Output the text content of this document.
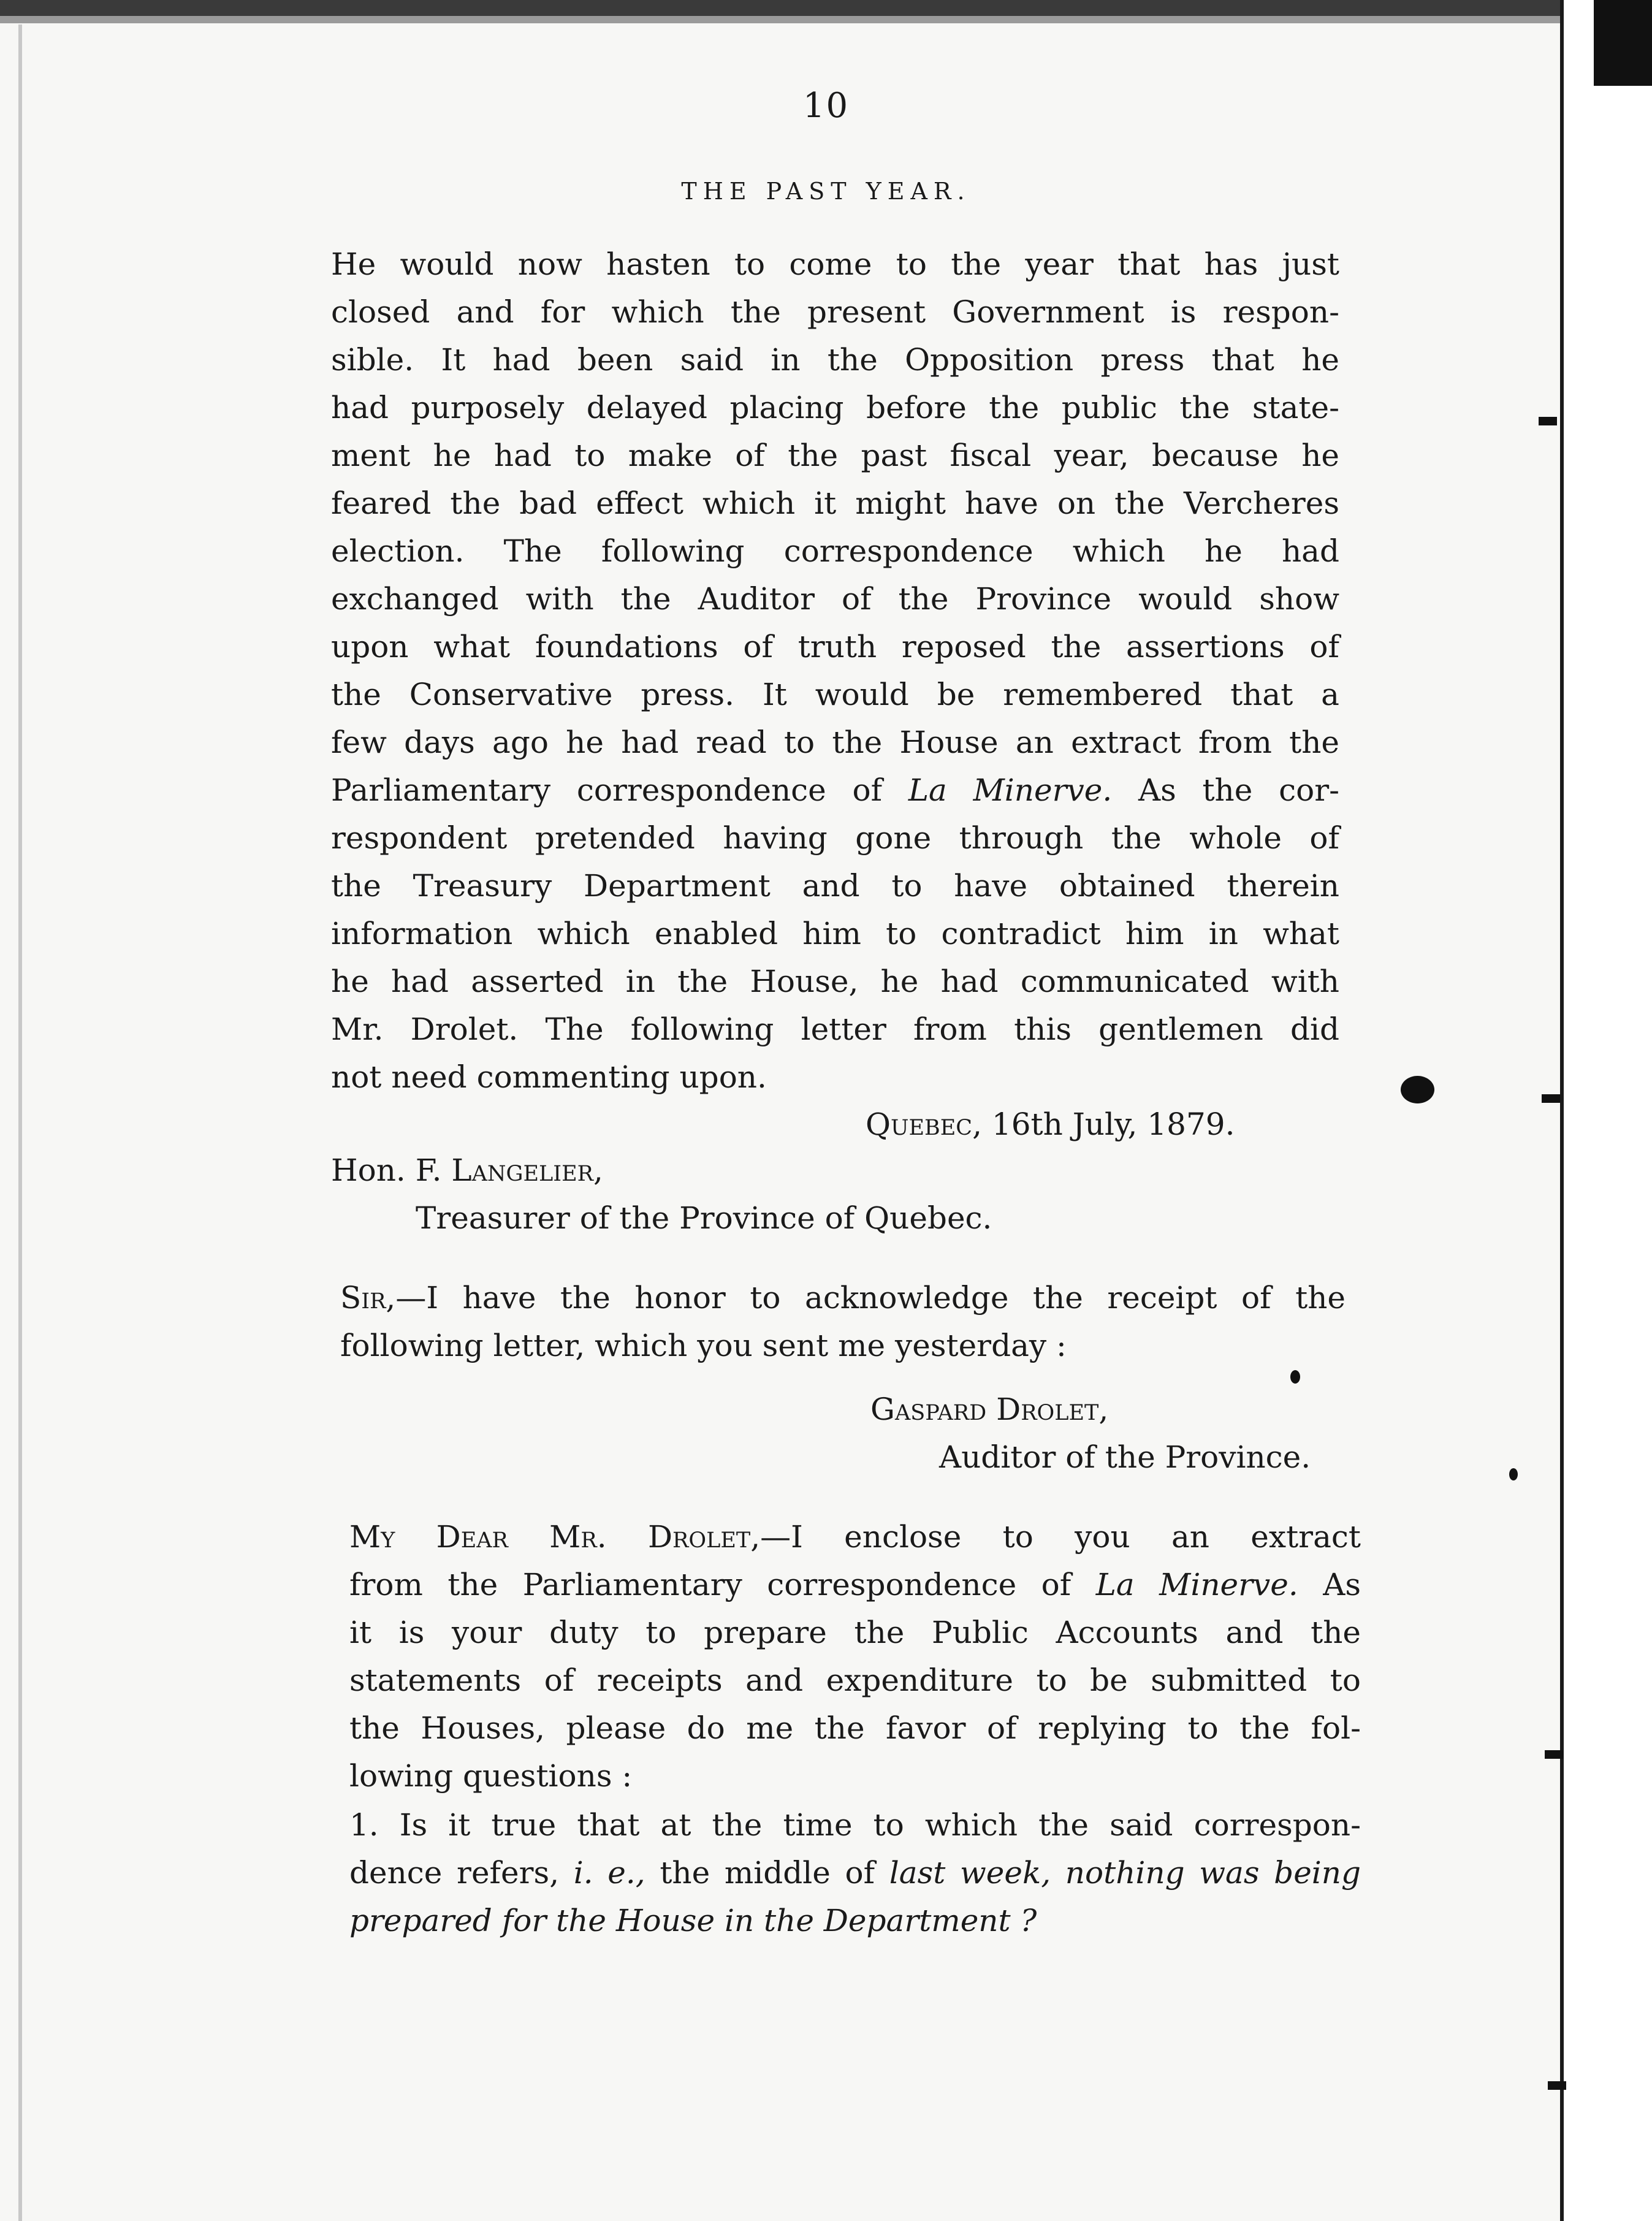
10
THE PAST YEAR.
He would now hasten to come to the year that has just
closed and for which the present Government is respon-
sible. It had been said in the Opposition press that he
had purposely delayed placing before the public the state-
ment he had to make of the past fiscal year, because he
feared the bad effect which it might have on the Vercheres
election. The following correspondence which he had
exchanged with the Auditor of the Province would show
upon what foundations of truth reposed the assertions of
the Conservative press. It would be remembered that a
few days ago he had read to the House an extract from the
Parliamentary correspondence of La Minerve. As the cor-
respondent pretended having gone through the whole of
the Treasury Department and to have obtained therein
information which enabled him to contradict him in what
he had asserted in the House, he had communicated with
Mr. Drolet. The following letter from this gentlemen did
not need commenting upon.
Quebec, 16th July, 1879.
Hon. F. Langelier,
Treasurer of the Province of Quebec.
Sir,—I have the honor to acknowledge the receipt of the
following letter, which you sent me yesterday :
Gaspard Drolet,
Auditor of the Province.
My Dear Mr. Drolet,—I enclose to you an extract
from the Parliamentary correspondence of La Minerve. As
it is your duty to prepare the Public Accounts and the
statements of receipts and expenditure to be submitted to
the Houses, please do me the favor of replying to the fol-
lowing questions :
1. Is it true that at the time to which the said correspon-
dence refers, i. e., the middle of last week, nothing was being
prepared for the House in the Department ?
